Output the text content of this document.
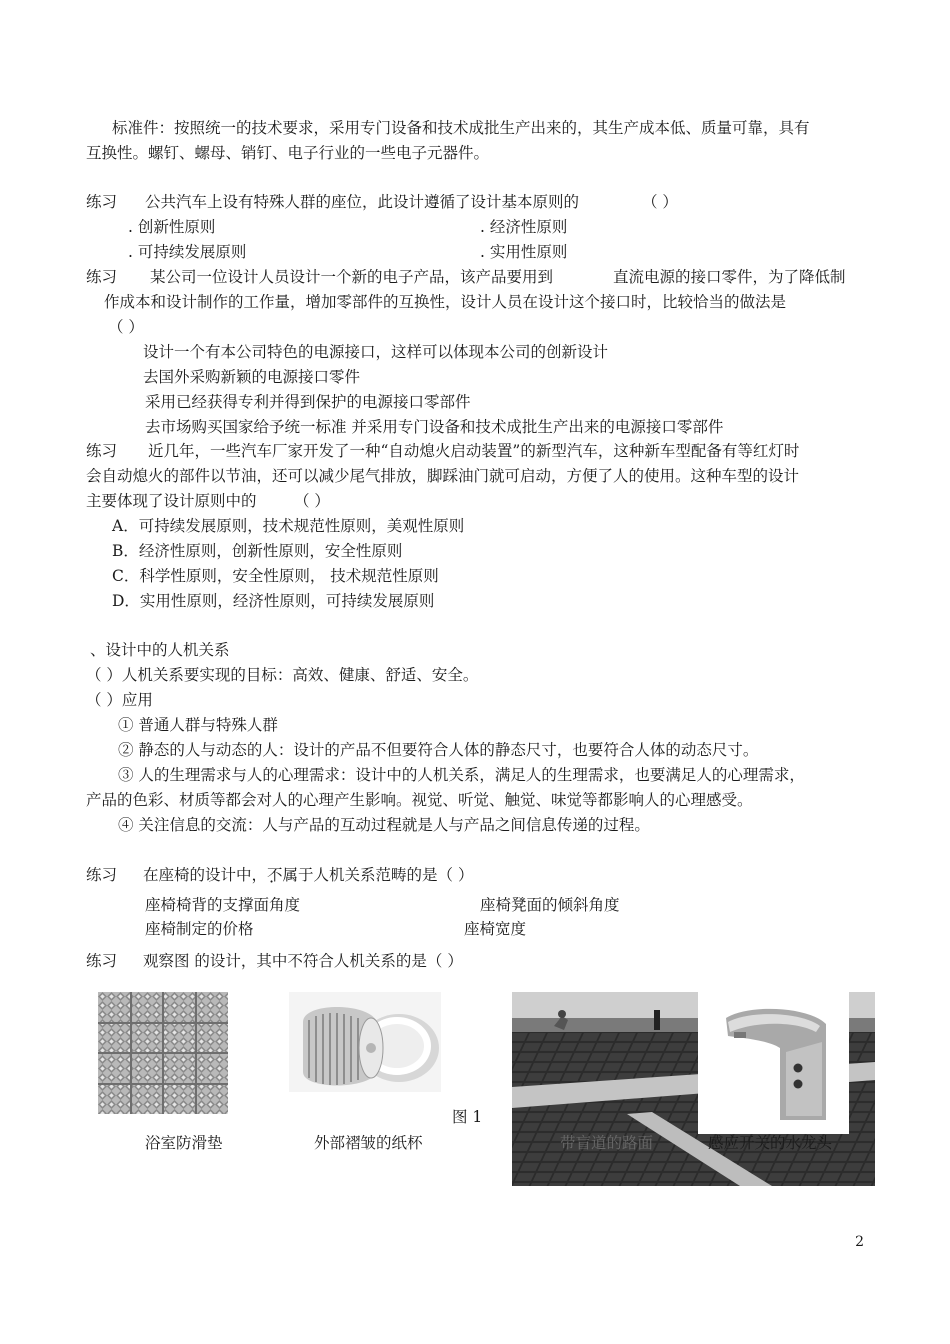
标准件：按照统一的技术要求，采用专门设备和技术成批生产出来的，其生产成本低、质量可靠，具有
互换性。螺钉、螺母、销钉、电子行业的一些电子元器件。
练习 公共汽车上设有特殊人群的座位，此设计遵循了设计基本原则的	（ ）
. 创新性原则	. 经济性原则
. 可持续发展原则	. 实用性原则
练习 某公司一位设计人员设计一个新的电子产品，该产品要用到	直流电源的接口零件，为了降低制
作成本和设计制作的工作量，增加零部件的互换性，设计人员在设计这个接口时，比较恰当的做法是
（ ）
设计一个有本公司特色的电源接口，这样可以体现本公司的创新设计
去国外采购新颖的电源接口零件
采用已经获得专利并得到保护的电源接口零部件
去市场购买国家给予统一标准 并采用专门设备和技术成批生产出来的电源接口零部件
练习 近几年，一些汽车厂家开发了一种“自动熄火启动装置”的新型汽车，这种新车型配备有等红灯时
会自动熄火的部件以节油，还可以减少尾气排放，脚踩油门就可启动，方便了人的使用。这种车型的设计
主要体现了设计原则中的 （ ）
A．可持续发展原则，技术规范性原则，美观性原则
B．经济性原则，创新性原则，安全性原则
C．科学性原则，安全性原则， 技术规范性原则
D．实用性原则，经济性原则，可持续发展原则
、设计中的人机关系
（ ）人机关系要实现的目标：高效、健康、舒适、安全。
（ ）应用
① 普通人群与特殊人群
② 静态的人与动态的人：设计的产品不但要符合人体的静态尺寸，也要符合人体的动态尺寸。
③ 人的生理需求与人的心理需求：设计中的人机关系，满足人的生理需求，也要满足人的心理需求，
产品的色彩、材质等都会对人的心理产生影响。视觉、听觉、触觉、味觉等都影响人的心理感受。
④ 关注信息的交流：人与产品的互动过程就是人与产品之间信息传递的过程。
练习 在座椅的设计中，不属于人机关系范畴的是（ ）
座椅椅背的支撑面角度	座椅凳面的倾斜角度
座椅制定的价格	座椅宽度
练习 观察图 的设计，其中不符合人机关系的是（ ）
图 1
浴室防滑垫	外部褶皱的纸杯	带盲道的路面	感应开关的水龙头
2
